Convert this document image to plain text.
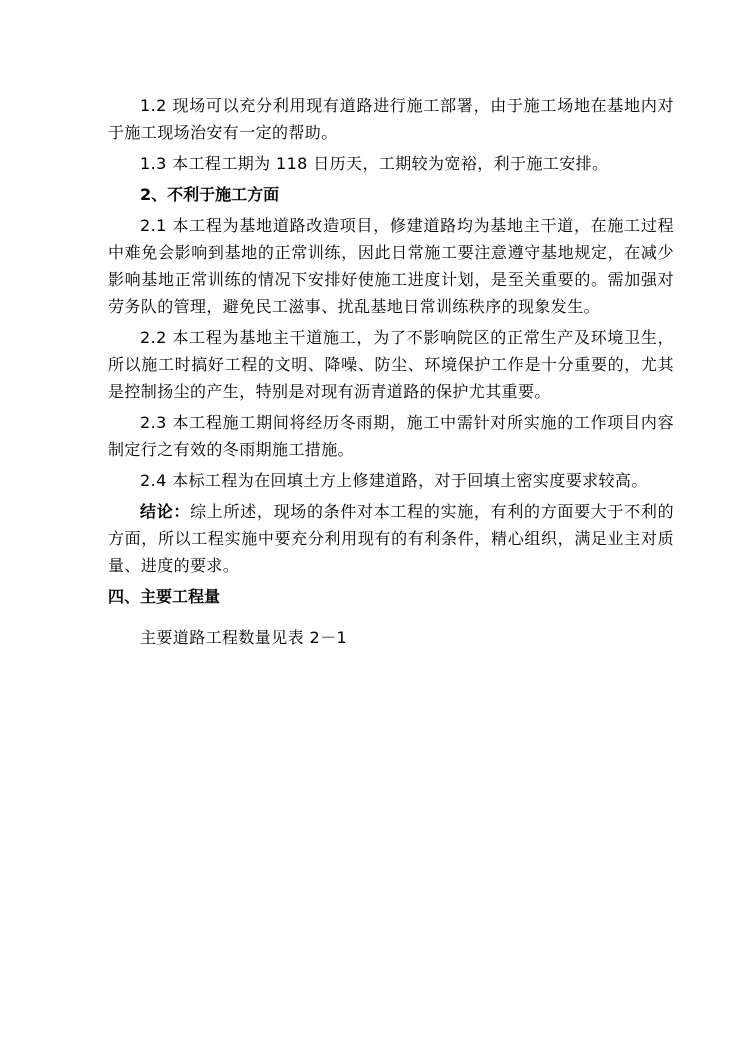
1.2 现场可以充分利用现有道路进行施工部署，由于施工场地在基地内对于施工现场治安有一定的帮助。

1.3 本工程工期为 118 日历天，工期较为宽裕，利于施工安排。

2、不利于施工方面

2.1 本工程为基地道路改造项目，修建道路均为基地主干道，在施工过程中难免会影响到基地的正常训练，因此日常施工要注意遵守基地规定，在减少影响基地正常训练的情况下安排好使施工进度计划，是至关重要的。需加强对劳务队的管理，避免民工滋事、扰乱基地日常训练秩序的现象发生。

2.2 本工程为基地主干道施工，为了不影响院区的正常生产及环境卫生，所以施工时搞好工程的文明、降噪、防尘、环境保护工作是十分重要的，尤其是控制扬尘的产生，特别是对现有沥青道路的保护尤其重要。

2.3 本工程施工期间将经历冬雨期，施工中需针对所实施的工作项目内容制定行之有效的冬雨期施工措施。

2.4 本标工程为在回填土方上修建道路，对于回填土密实度要求较高。

结论：综上所述，现场的条件对本工程的实施，有利的方面要大于不利的方面，所以工程实施中要充分利用现有的有利条件，精心组织，满足业主对质量、进度的要求。

四、主要工程量

主要道路工程数量见表 2－1
